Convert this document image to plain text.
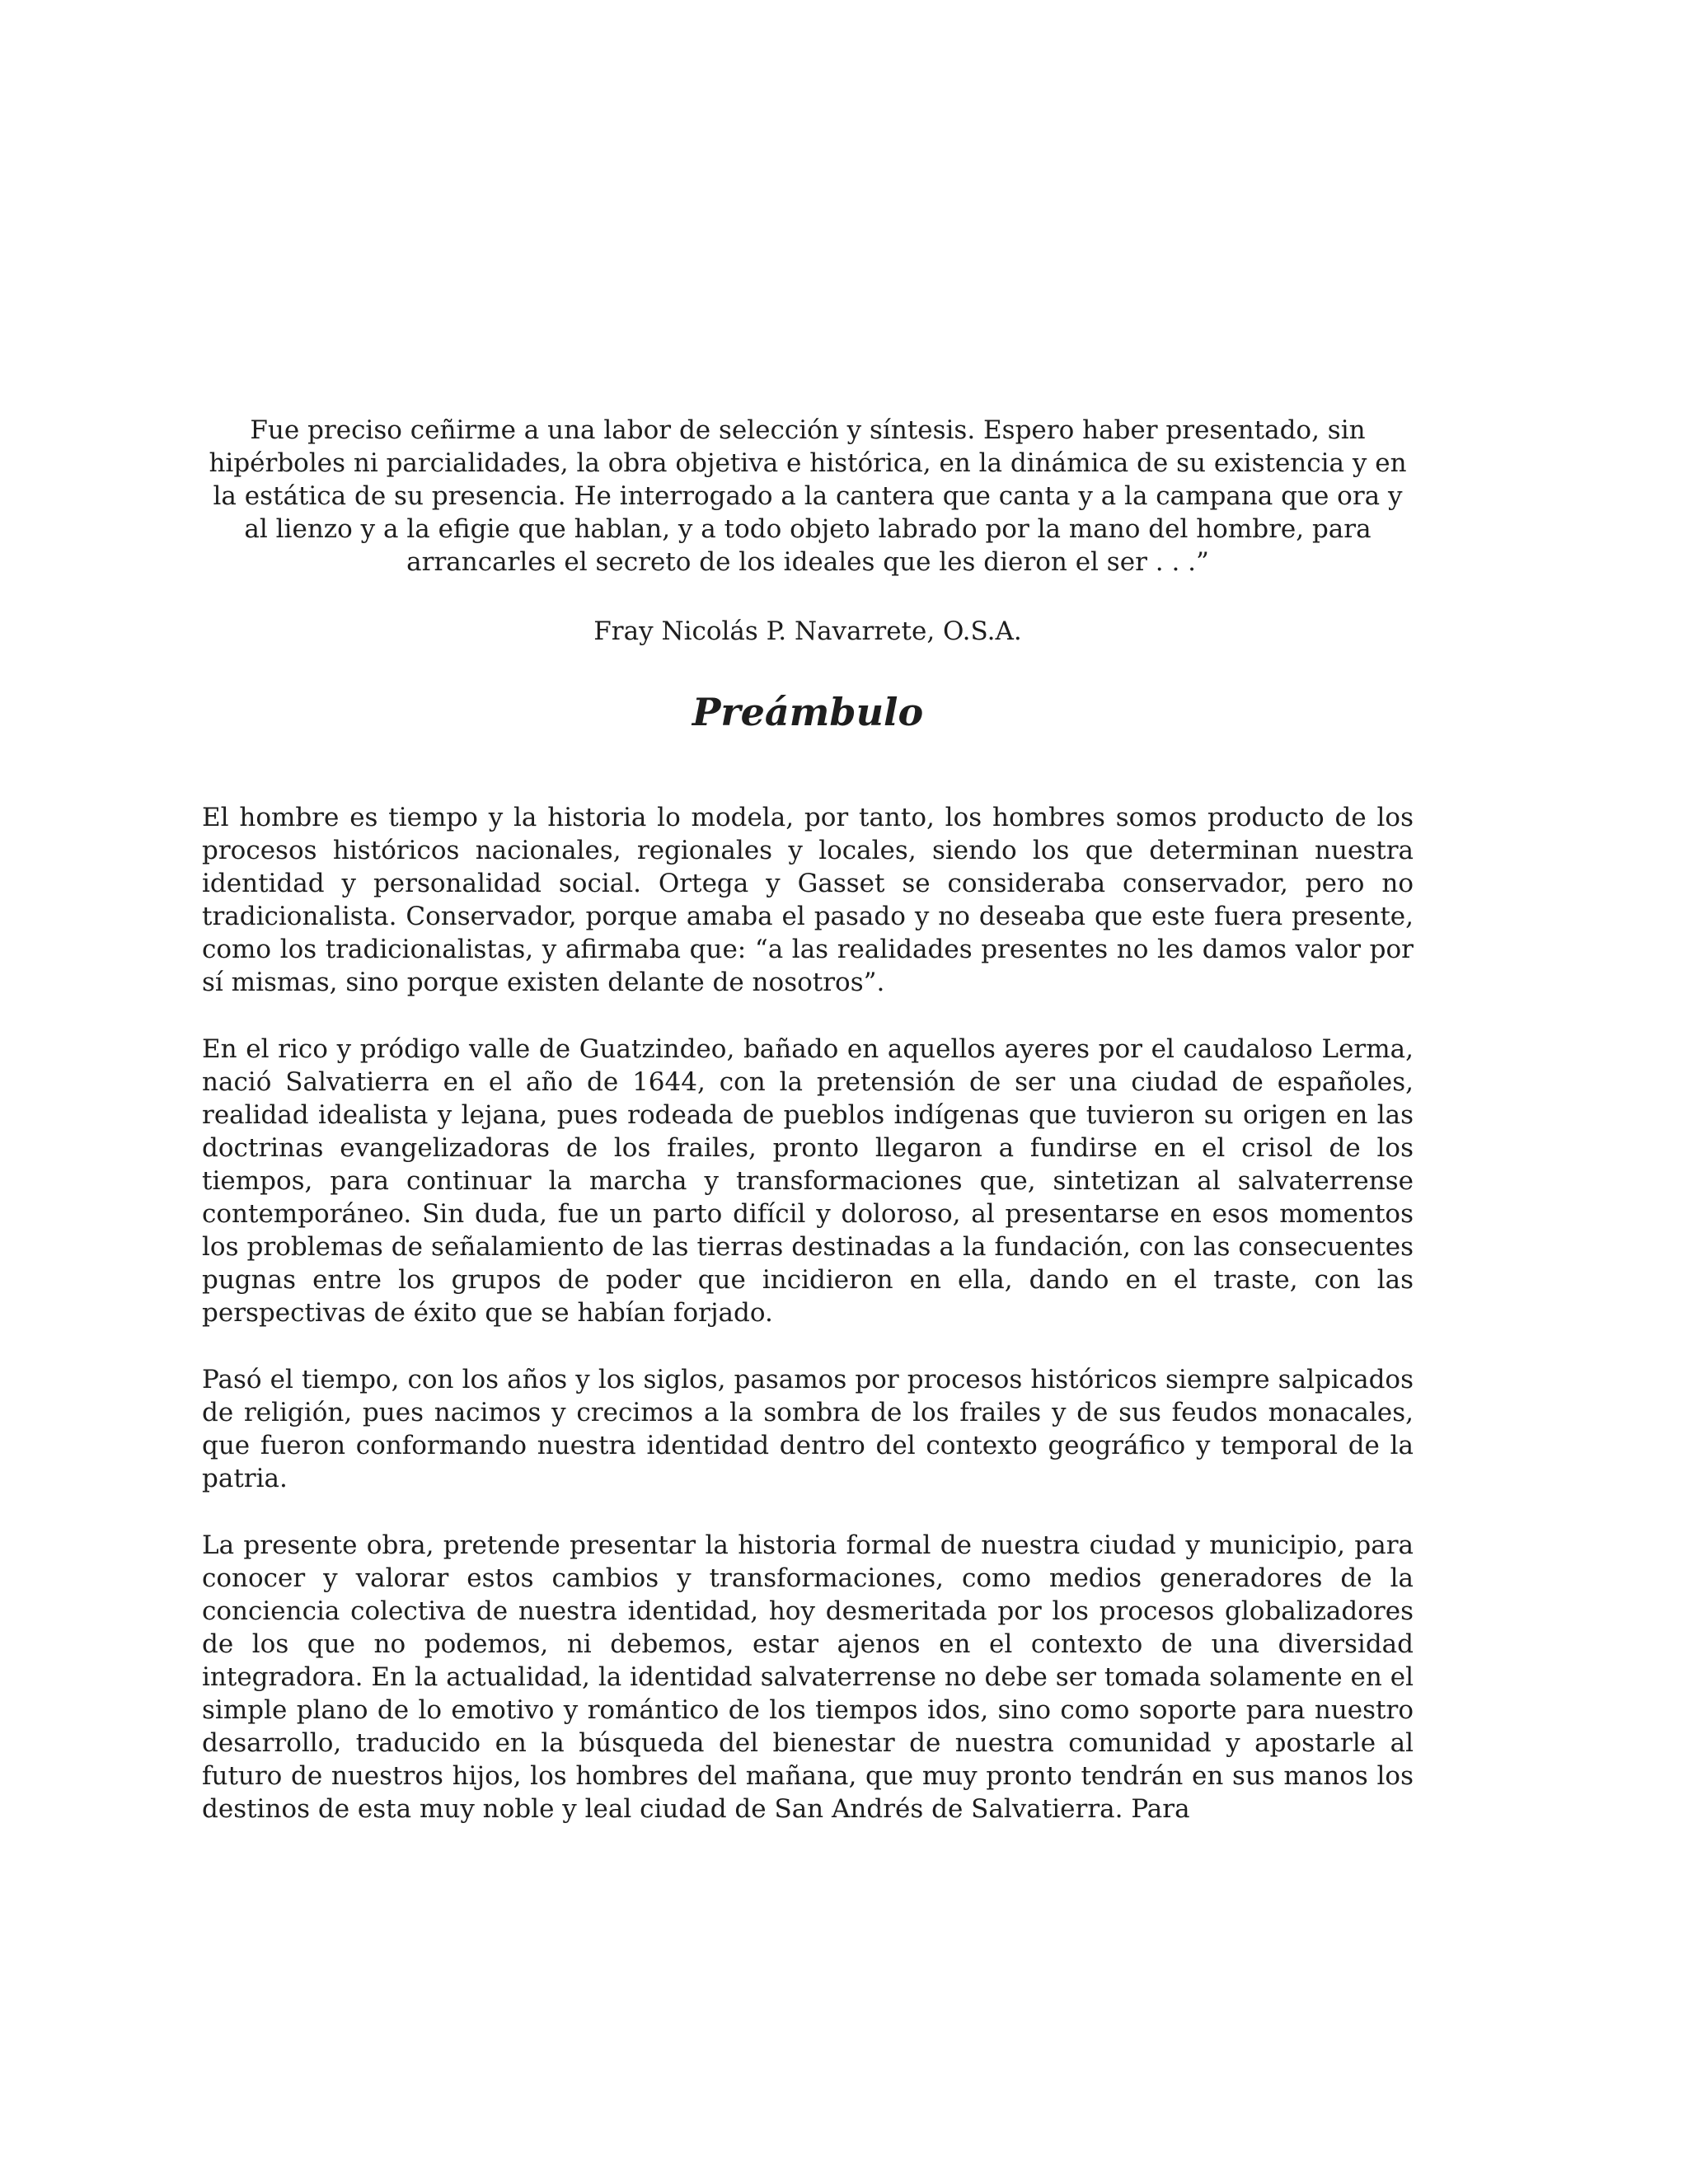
Fue preciso ceñirme a una labor de selección y síntesis. Espero haber presentado, sin hipérboles ni parcialidades, la obra objetiva e histórica, en la dinámica de su existencia y en la estática de su presencia. He interrogado a la cantera que canta y a la campana que ora y al lienzo y a la efigie que hablan, y a todo objeto labrado por la mano del hombre, para arrancarles el secreto de los ideales que les dieron el ser . . .”

Fray Nicolás P. Navarrete, O.S.A.

Preámbulo

El hombre es tiempo y la historia lo modela, por tanto, los hombres somos producto de los procesos históricos nacionales, regionales y locales, siendo los que determinan nuestra identidad y personalidad social. Ortega y Gasset se consideraba conservador, pero no tradicionalista. Conservador, porque amaba el pasado y no deseaba que este fuera presente, como los tradicionalistas, y afirmaba que: “a las realidades presentes no les damos valor por sí mismas, sino porque existen delante de nosotros”.

En el rico y pródigo valle de Guatzindeo, bañado en aquellos ayeres por el caudaloso Lerma, nació Salvatierra en el año de 1644, con la pretensión de ser una ciudad de españoles, realidad idealista y lejana, pues rodeada de pueblos indígenas que tuvieron su origen en las doctrinas evangelizadoras de los frailes, pronto llegaron a fundirse en el crisol de los tiempos, para continuar la marcha y transformaciones que, sintetizan al salvaterrense contemporáneo. Sin duda, fue un parto difícil y doloroso, al presentarse en esos momentos los problemas de señalamiento de las tierras destinadas a la fundación, con las consecuentes pugnas entre los grupos de poder que incidieron en ella, dando en el traste, con las perspectivas de éxito que se habían forjado.

Pasó el tiempo, con los años y los siglos, pasamos por procesos históricos siempre salpicados de religión, pues nacimos y crecimos a la sombra de los frailes y de sus feudos monacales, que fueron conformando nuestra identidad dentro del contexto geográfico y temporal de la patria.

La presente obra, pretende presentar la historia formal de nuestra ciudad y municipio, para conocer y valorar estos cambios y transformaciones, como medios generadores de la conciencia colectiva de nuestra identidad, hoy desmeritada por los procesos globalizadores de los que no podemos, ni debemos, estar ajenos en el contexto de una diversidad integradora. En la actualidad, la identidad salvaterrense no debe ser tomada solamente en el simple plano de lo emotivo y romántico de los tiempos idos, sino como soporte para nuestro desarrollo, traducido en la búsqueda del bienestar de nuestra comunidad y apostarle al futuro de nuestros hijos, los hombres del mañana, que muy pronto tendrán en sus manos los destinos de esta muy noble y leal ciudad de San Andrés de Salvatierra. Para
